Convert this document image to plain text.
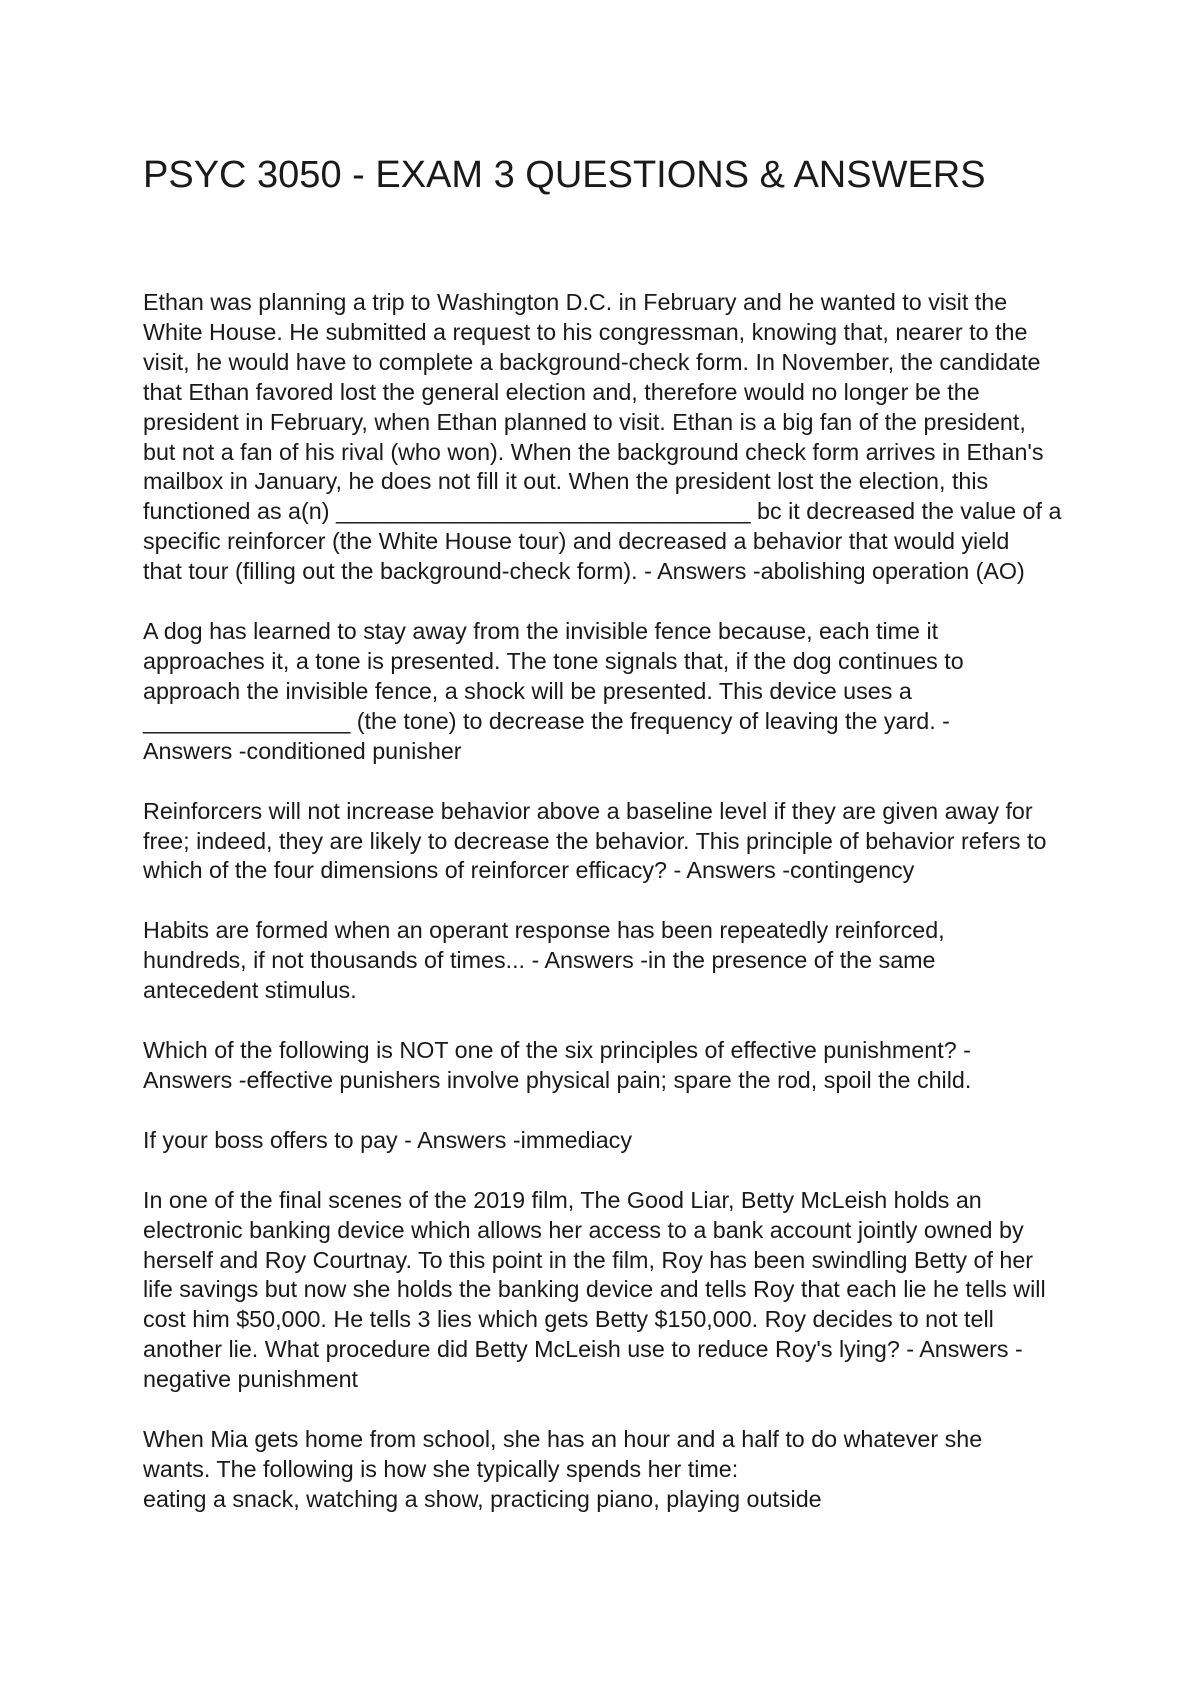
PSYC 3050 - EXAM 3 QUESTIONS & ANSWERS

Ethan was planning a trip to Washington D.C. in February and he wanted to visit the
White House. He submitted a request to his congressman, knowing that, nearer to the
visit, he would have to complete a background-check form. In November, the candidate
that Ethan favored lost the general election and, therefore would no longer be the
president in February, when Ethan planned to visit. Ethan is a big fan of the president,
but not a fan of his rival (who won). When the background check form arrives in Ethan's
mailbox in January, he does not fill it out. When the president lost the election, this
functioned as a(n) ________________________________ bc it decreased the value of a
specific reinforcer (the White House tour) and decreased a behavior that would yield
that tour (filling out the background-check form). - Answers -abolishing operation (AO)

A dog has learned to stay away from the invisible fence because, each time it
approaches it, a tone is presented. The tone signals that, if the dog continues to
approach the invisible fence, a shock will be presented. This device uses a
________________ (the tone) to decrease the frequency of leaving the yard. -
Answers -conditioned punisher

Reinforcers will not increase behavior above a baseline level if they are given away for
free; indeed, they are likely to decrease the behavior. This principle of behavior refers to
which of the four dimensions of reinforcer efficacy? - Answers -contingency

Habits are formed when an operant response has been repeatedly reinforced,
hundreds, if not thousands of times... - Answers -in the presence of the same
antecedent stimulus.

Which of the following is NOT one of the six principles of effective punishment? -
Answers -effective punishers involve physical pain; spare the rod, spoil the child.

If your boss offers to pay - Answers -immediacy

In one of the final scenes of the 2019 film, The Good Liar, Betty McLeish holds an
electronic banking device which allows her access to a bank account jointly owned by
herself and Roy Courtnay. To this point in the film, Roy has been swindling Betty of her
life savings but now she holds the banking device and tells Roy that each lie he tells will
cost him $50,000. He tells 3 lies which gets Betty $150,000. Roy decides to not tell
another lie. What procedure did Betty McLeish use to reduce Roy's lying? - Answers -
negative punishment

When Mia gets home from school, she has an hour and a half to do whatever she
wants. The following is how she typically spends her time:
eating a snack, watching a show, practicing piano, playing outside
